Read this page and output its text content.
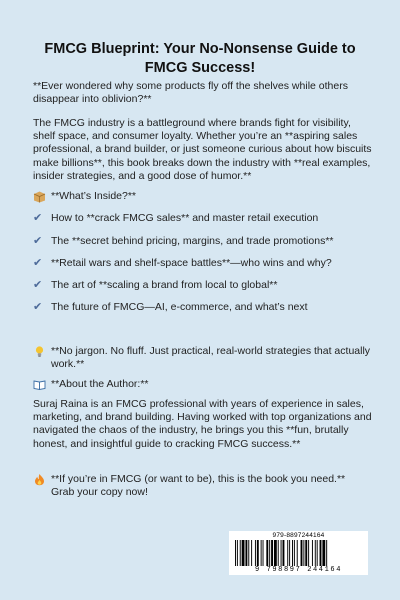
FMCG Blueprint: Your No-Nonsense Guide to FMCG Success!
**Ever wondered why some products fly off the shelves while others disappear into oblivion?**
The FMCG industry is a battleground where brands fight for visibility, shelf space, and consumer loyalty. Whether you’re an **aspiring sales professional, a brand builder, or just someone curious about how biscuits make billions**, this book breaks down the industry with **real examples, insider strategies, and a good dose of humor.**
**What’s Inside?**
✔ How to **crack FMCG sales** and master retail execution
✔ The **secret behind pricing, margins, and trade promotions**
✔ **Retail wars and shelf-space battles**—who wins and why?
✔ The art of **scaling a brand from local to global**
✔ The future of FMCG—AI, e-commerce, and what’s next
**No jargon. No fluff. Just practical, real-world strategies that actually work.**
**About the Author:**
Suraj Raina is an FMCG professional with years of experience in sales, marketing, and brand building. Having worked with top organizations and navigated the chaos of the industry, he brings you this **fun, brutally honest, and insightful guide to cracking FMCG success.**
**If you’re in FMCG (or want to be), this is the book you need.** Grab your copy now!
979-8897244164
9 798897 244164
